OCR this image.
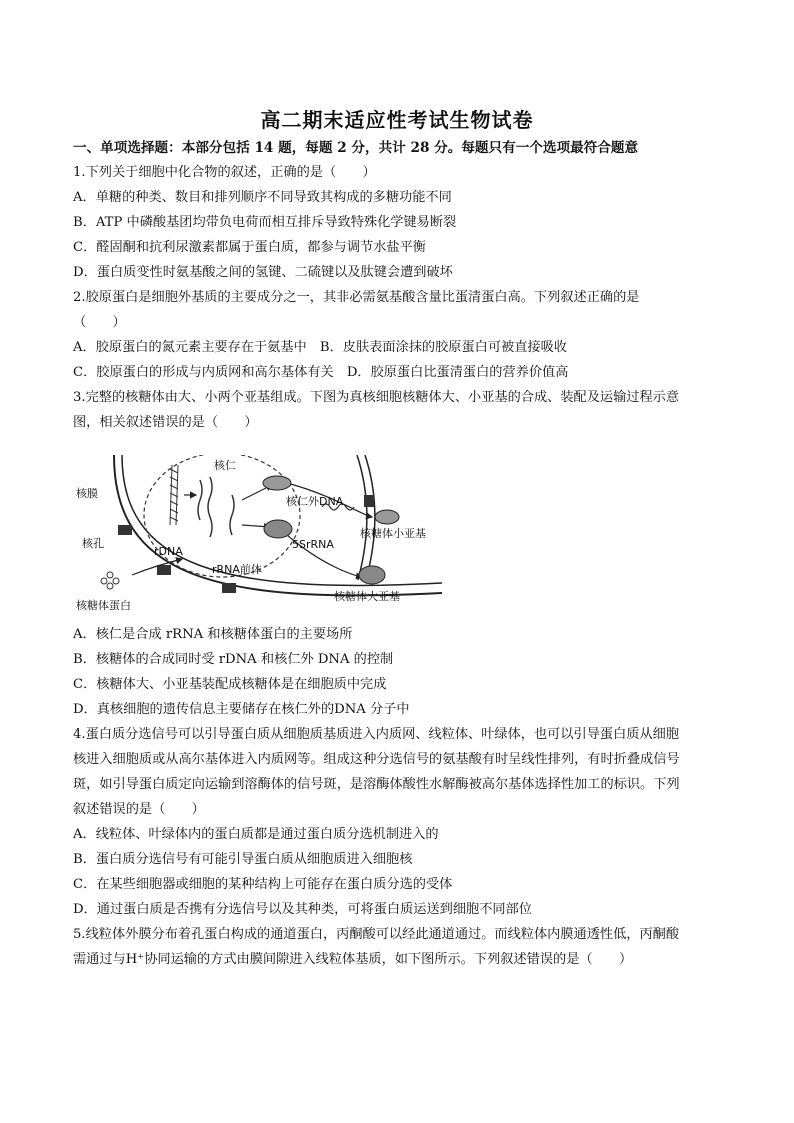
高二期末适应性考试生物试卷
一、单项选择题：本部分包括 14 题，每题 2 分，共计 28 分。每题只有一个选项最符合题意
1.下列关于细胞中化合物的叙述，正确的是（　　）
A．单糖的种类、数目和排列顺序不同导致其构成的多糖功能不同
B．ATP 中磷酸基团均带负电荷而相互排斥导致特殊化学键易断裂
C．醛固酮和抗利尿激素都属于蛋白质，都参与调节水盐平衡
D．蛋白质变性时氨基酸之间的氢键、二硫键以及肽键会遭到破坏
2.胶原蛋白是细胞外基质的主要成分之一，其非必需氨基酸含量比蛋清蛋白高。下列叙述正确的是
（　　）
A．胶原蛋白的氮元素主要存在于氨基中　B．皮肤表面涂抹的胶原蛋白可被直接吸收
C．胶原蛋白的形成与内质网和高尔基体有关　D．胶原蛋白比蛋清蛋白的营养价值高
3.完整的核糖体由大、小两个亚基组成。下图为真核细胞核糖体大、小亚基的合成、装配及运输过程示意
图，相关叙述错误的是（　　）
核仁
核膜
核仁外DNA
核糖体小亚基
核孔
rDNA
5SrRNA
rRNA前体
核糖体蛋白
核糖体大亚基
A．核仁是合成 rRNA 和核糖体蛋白的主要场所
B．核糖体的合成同时受 rDNA 和核仁外 DNA 的控制
C．核糖体大、小亚基装配成核糖体是在细胞质中完成
D．真核细胞的遗传信息主要储存在核仁外的DNA 分子中
4.蛋白质分选信号可以引导蛋白质从细胞质基质进入内质网、线粒体、叶绿体，也可以引导蛋白质从细胞
核进入细胞质或从高尔基体进入内质网等。组成这种分选信号的氨基酸有时呈线性排列，有时折叠成信号
斑，如引导蛋白质定向运输到溶酶体的信号斑，是溶酶体酸性水解酶被高尔基体选择性加工的标识。下列
叙述错误的是（　　）
A．线粒体、叶绿体内的蛋白质都是通过蛋白质分选机制进入的
B．蛋白质分选信号有可能引导蛋白质从细胞质进入细胞核
C．在某些细胞器或细胞的某种结构上可能存在蛋白质分选的受体
D．通过蛋白质是否携有分选信号以及其种类，可将蛋白质运送到细胞不同部位
5.线粒体外膜分布着孔蛋白构成的通道蛋白，丙酮酸可以经此通道通过。而线粒体内膜通透性低，丙酮酸
需通过与H⁺协同运输的方式由膜间隙进入线粒体基质，如下图所示。下列叙述错误的是（　　）
